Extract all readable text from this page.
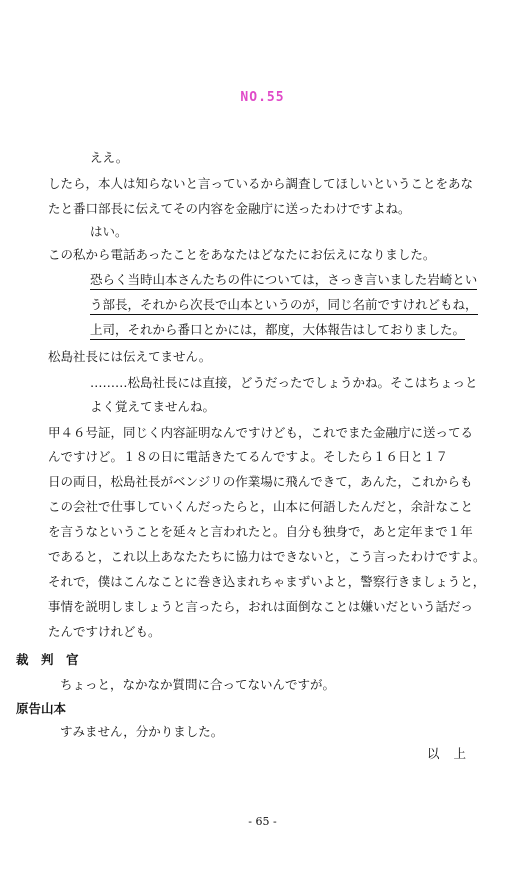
NO.55
ええ。
したら，本人は知らないと言っているから調査してほしいということをあな
たと番口部長に伝えてその内容を金融庁に送ったわけですよね。
はい。
この私から電話あったことをあなたはどなたにお伝えになりました。
恐らく当時山本さんたちの件については，さっき言いました岩崎とい
う部長，それから次長で山本というのが，同じ名前ですけれどもね，
上司，それから番口とかには，都度，大体報告はしておりました。
松島社長には伝えてません。
………松島社長には直接，どうだったでしょうかね。そこはちょっと
よく覚えてませんね。
甲４６号証，同じく内容証明なんですけども，これでまた金融庁に送ってる
んですけど。１８の日に電話きたてるんですよ。そしたら１６日と１７
日の両日，松島社長がベンジリの作業場に飛んできて，あんた，これからも
この会社で仕事していくんだったらと，山本に何語したんだと，余計なこと
を言うなということを延々と言われたと。自分も独身で，あと定年まで１年
であると，これ以上あなたたちに協力はできないと，こう言ったわけですよ。
それで，僕はこんなことに巻き込まれちゃまずいよと，警察行きましょうと，
事情を説明しましょうと言ったら，おれは面倒なことは嫌いだという話だっ
たんですけれども。
裁　判　官
ちょっと，なかなか質問に合ってないんですが。
原告山本
すみません，分かりました。
以上
- 65 -
